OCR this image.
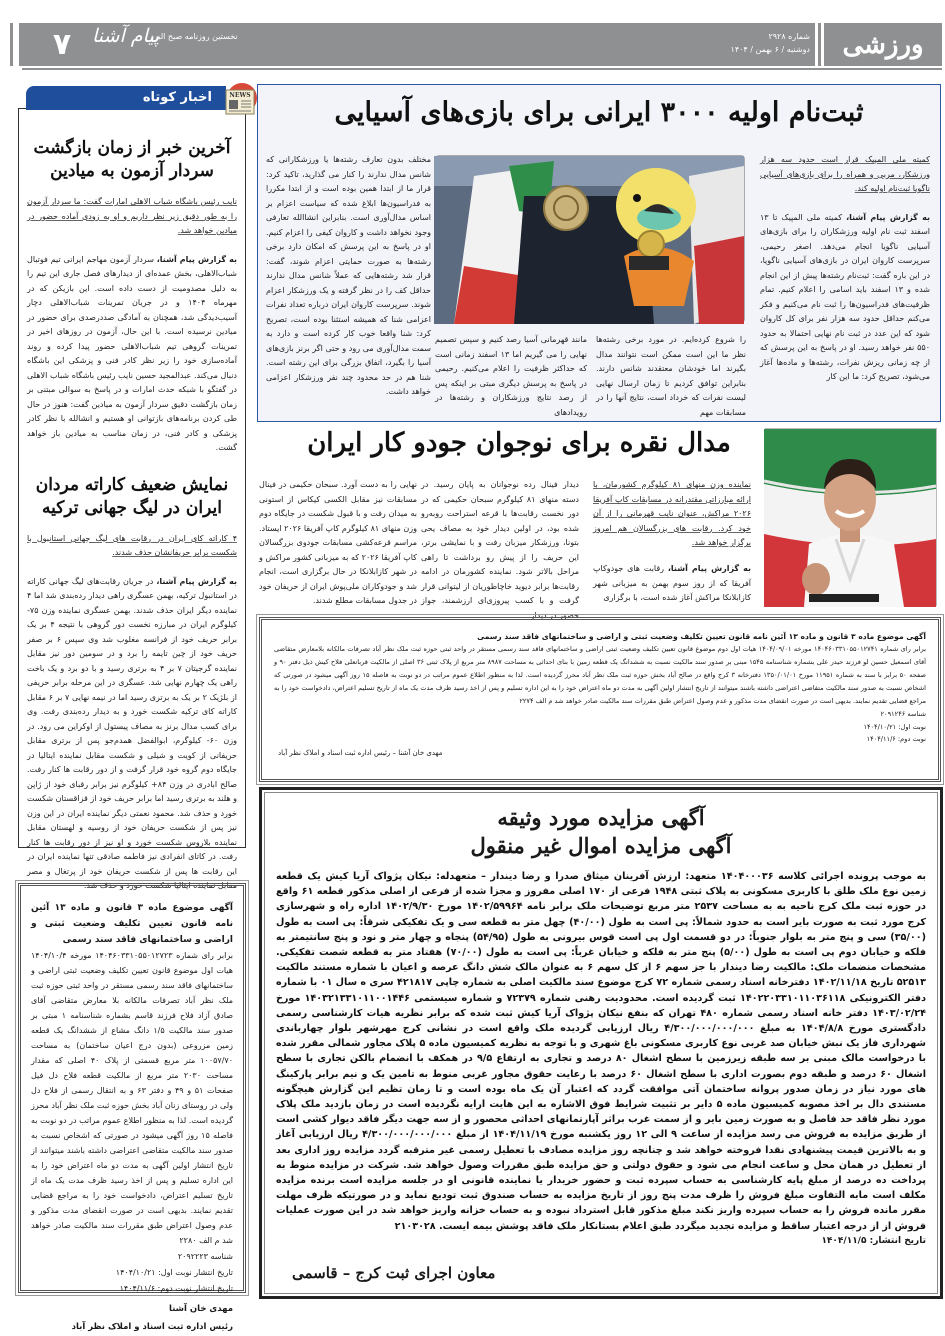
ورزشی
شماره ۲۹۲۸
دوشنبه / ۶ بهمن / ۱۴۰۴
نخستین روزنامه صبح البرز
پیام آشنا
۷
آخرین خبر از زمان بازگشت سردار آزمون به میادین
نایب رئیس باشگاه شباب الاهلی امارات گفت: ما سردار آزمون را به طور دقیق زیر نظر داریم و او به زودی آماده حضور در میادین خواهد شد.
به گزارش پیام آشنا، سردار آزمون مهاجم ایرانی تیم فوتبال شباب‌الاهلی، بخش عمده‌ای از دیدارهای فصل جاری این تیم را به دلیل مصدومیت از دست داده است. این بازیکن که در مهرماه ۱۴۰۴ و در جریان تمرینات شباب‌الاهلی دچار آسیب‌دیدگی شد، همچنان به آمادگی صددرصدی برای حضور در میادین نرسیده است. با این حال، آزمون در روزهای اخیر در تمرینات گروهی تیم شباب‌الاهلی حضور پیدا کرده و روند آماده‌سازی خود را زیر نظر کادر فنی و پزشکی این باشگاه دنبال می‌کند. عبدالمجید حسین نایب رئیس باشگاه شباب الاهلی در گفتگو با شبکه حدث امارات و در پاسخ به سوالی مبتنی بر زمان بازگشت دقیق سردار آزمون به میادین گفت: هنوز در حال طی کردن برنامه‌های بازتوانی او هستیم و انشالله با نظر کادر پزشکی و کادر فنی، در زمان مناسب به میادین باز خواهد گشت.
نمایش ضعیف کاراته مردان ایران در لیگ جهانی ترکیه
۴ کاراته کای ایران در رقابت های لیگ جهانی استانبول با شکست برابر حریفانشان حذف شدند.
به گزارش پیام آشنا، در جریان رقابت‌های لیگ جهانی کاراته در استانبول ترکیه، بهمن عسگری راهی دیدار رده‌بندی شد اما ۴ نماینده دیگر ایران حذف شدند. بهمن عسگری نماینده وزن ۷۵- کیلوگرم ایران در مبارزه نخست دور گروهی با نتیجه ۴ بر یک برابر حریف خود از فرانسه مغلوب شد وی سپس ۶ بر صفر حریف خود از چین تایمه را برد و در سومین دور نیز مقابل نماینده گرجیتان ۷ بر ۴ به برتری رسید و با دو برد و یک باخت راهی یک چهارم نهایی شد. عسگری در این مرحله برابر حریفی از بلژیک ۲ بر یک به برتری رسید اما در نیمه نهایی ۷ بر ۶ مقابل کاراته کای ترکیه شکست خورد و به دیدار رده‌بندی رفت. وی برای کسب مدال برنز به مصاف پیستول از اوکراین می رود. در وزن ۶۰- کیلوگرم، ابوالفضل همدم‌جو پس از برتری مقابل حریفانی از کویت و شیلی و شکست مقابل نماینده ایتالیا در جایگاه دوم گروه خود قرار گرفت و از دور رقابت ها کنار رفت. صالح ابادری در وزن ۸۴+ کیلوگرم نیز برابر رقبای خود از ژاپن و هلند به برتری رسید اما برابر حریف خود از قزاقستان شکست خورد و حذف شد. محمود نعمتی دیگر نماینده ایران در این وزن نیز پس از شکست حریفان خود از روسیه و لهستان مقابل نماینده بلاروس شکست خورد و او نیز از دور رقابت ها کنار رفت. در کاتای انفرادی نیز فاطمه صادقی تنها نماینده ایران در این رقابت ها پس از شکست حریفان خود از پرتغال و مصر مقابل نماینده ایتالیا شکست خورد و حذف شد.
اخبار کوتاه	NEWS
آگهی موضوع ماده ۳ قانون و ماده ۱۳ آئین نامه قانون تعیین تکلیف وضعیت ثبتی و اراضی و ساختمانهای فاقد سند رسمی
برابر رای شماره ۱۴۰۴۶۰۳۳۱۰۵۵۰۱۲۷۲۳ مورخه ۱۴۰۴/۱۰/۴ هیات اول موضوع قانون تعیین تکلیف وضعیت ثبتی اراضی و ساختمانهای فاقد سند رسمی مستقر در واحد ثبتی حوزه ثبت ملک نظر آباد تصرفات مالکانه بلا معارض متقاضی آقای صادق آزاد فلاح فرزند قاسم بشماره شناسنامه ۱ مبتی بر صدور سند مالکیت ۱/۵ دانگ مشاع از ششدانگ یک قطعه زمین مزروعی (بدون درج اعیان ساختمان) به مساحت ۱۰۰۵۷/۷۰ متر مربع قسمتی از پلاک ۴۰ اصلی که مقدار مساحت ۲۰۳۰ متر مربع از مالکیت قطعه فلاح دل فیل صفحات ۵۱ و ۴۹ و دفتر ۶۳ و به انتقال رسمی از فلاح دل ولی در روستای زنان آباد بخش حوزه ثبت ملک نظر آباد محرز گردیده است. لذا به منظور اطلاع عموم مراتب در دو نوبت به فاصله ۱۵ روز آگهی میشود در صورتی که اشخاص نسبت به صدور سند مالکیت متقاضی اعتراضی داشته باشند میتوانند از تاریخ انتشار اولین آگهی به مدت دو ماه اعتراض خود را به این اداره تسلیم و پس از اخذ رسید ظرف مدت یک ماه از تاریخ تسلیم اعتراض، دادخواست خود را به مراجع قضایی تقدیم نمایند. بدیهی است در صورت انقضای مدت مذکور و عدم وصول اعتراض طبق مقررات سند مالکیت صادر خواهد شد م الف ۲۲۸۰
شناسه ۲۰۹۲۲۲۳
تاریخ انتشار نوبت اول: ۱۴۰۴/۱۰/۲۱
تاریخ انتشار نوبت دوم: ۱۴۰۴/۱۱/۶
مهدی خان آشنا
رئیس اداره ثبت اسناد و املاک نظر آباد
ثبت‌نام اولیه ۳۰۰۰ ایرانی برای بازی‌های آسیایی
کمیته ملی المپیک قرار است حدود سه هزار ورزشکار، مربی و همراه را برای بازی‌های آسیایی ناگویا ثبت‌نام اولیه کند.
به گزارش پیام آشنا، کمیته ملی المپیک تا ۱۳ اسفند ثبت نام اولیه ورزشکاران را برای بازی‌های آسیایی ناگویا انجام می‌دهد. اصغر رحیمی، سرپرست کاروان ایران در بازی‌های آسیایی ناگویا، در این باره گفت: ثبت‌نام رشته‌ها پیش از این انجام شده و ۱۳ اسفند باید اسامی را اعلام کنیم. تمام ظرفیت‌های فدراسیون‌ها را ثبت نام می‌کنیم و فکر می‌کنم حداقل حدود سه هزار نفر برای کل کاروان شود که این عدد در ثبت نام نهایی احتمالا به حدود ۵۵۰ نفر خواهد رسید. او در پاسخ به این پرسش که از چه زمانی ریزش نفرات، رشته‌ها و ماده‌ها آغاز می‌شود، تصریح کرد: ما این کار
را شروع کرده‌ایم. در مورد برخی رشته‌ها نظر ما این است ممکن است نتوانند مدال بگیرند اما خودشان معتقدند شانس دارند. بنابراین توافق کردیم تا زمان ارسال نهایی لیست نفرات که خرداد است، نتایج آنها را در مسابقات مهم
مانند قهرمانی آسیا رصد کنیم و سپس تصمیم نهایی را می گیریم اما ۱۳ اسفند زمانی است که حداکثر ظرفیت را اعلام می‌کنیم. رحیمی در پاسخ به پرسش دیگری مبتی بر اینکه پس از رصد نتایج ورزشکاران و رشته‌ها در رویدادهای
مختلف بدون تعارف رشته‌ها یا ورزشکارانی که شانس مدال ندارند را کنار می گذارید، تاکید کرد: قرار ما از ابتدا همین بوده است و از ابتدا مکررا به فدراسیون‌ها ابلاغ شده که سیاست اعزام بر اساس مدال‌آوری است. بنابراین انشاالله تعارفی وجود نخواهد داشت و کاروان کیفی را اعزام کنیم. او در پاسخ به این پرسش که امکان دارد برخی رشته‌ها به صورت حمایتی اعزام شوند، گفت: قرار شد رشته‌هایی که عملاً شانس مدال ندارند حداقل کف را در نظر گرفته و یک ورزشکار اعزام شوند. سرپرست کاروان ایران درباره تعداد نفرات اعزامی شنا که همیشه استثنا بوده است، تصریح کرد: شنا واقعا خوب کار کرده است و دارد به سمت مدال‌آوری می رود و حتی اگر برنز بازی‌های آسیا را بگیرد، اتفاق بزرگی برای این رشته است. شنا هم در حد محدود چند نفر ورزشکار اعزامی خواهد داشت.
مدال نقره برای نوجوان جودو کار ایران
نماینده وزن منهای ۸۱ کیلوگرم کشورمان، با ارائه مبارزاتی مقتدرانه در مسابقات کاپ آفریقا ۲۰۲۶ مراکش، عنوان نایب قهرمانی را از آن خود کرد. رقابت های بزرگسالان هم امروز برگزار خواهد شد.
به گزارش پیام آشنا، رقابت های جودوکاپ آفریقا که از روز سوم بهمن به میزبانی شهر کازابلانکا مراکش آغاز شده است، با برگزاری
دیدار فینال رده نوجوانان به پایان رسید. در دسته منهای ۸۱ کیلوگرم سبحان حکیمی که در دور نخست رقابت‌ها با قرعه استراحت روبه‌رو شده بود، در اولین دیدار خود به مصاف یحی بتونا، ورزشکار میزبان رفت و با نمایشی برتر، این حریف را از پیش رو برداشت تا راهی مراحل بالاتر شود. نماینده کشورمان در ادامه رقابت‌ها برابر دیوید خاچاطوریان از لیتوانی قرار گرفت و با کسب پیروزی‌ای ارزشمند، جواز حضور در دیدار
نهایی را به دست آورد. سبحان حکیمی در فینال مسابقات نیز مقابل الکسی کیکاس از استونی به میدان رفت و با قبول شکست در جایگاه دوم وزن منهای ۸۱ کیلوگرم کاپ آفریقا ۲۰۲۶ ایستاد. مراسم قرعه‌کشی مسابقات جودوی بزرگسالان کاپ آفریقا ۲۰۲۶ که به میزبانی کشور مراکش و در شهر کازابلانکا در حال برگزاری است، انجام شد و جودوکاران ملی‌پوش ایران از حریفان خود در جدول مسابقات مطلع شدند.
آگهی موضوع ماده ۳ قانون و ماده ۱۳ آئین نامه قانون تعیین تکلیف وضعیت ثبتی و اراضی و ساختمانهای فاقد سند رسمی
برابر رای شماره ۱۴۰۴۶۰۳۳۱۰۵۵۰۱۲۷۴۱ مورخه ۱۴۰۴/۰۹/۰۱ هیات اول دوم موضوع قانون تعیین تکلیف وضعیت ثبتی اراضی و ساختمانهای فاقد سند رسمی مستقر در واحد ثبتی حوزه ثبت ملک نظر آباد تصرفات مالکانه بلامعارض متقاضی آقای اسمعیل حسین لو فرزند حیدر علی بشماره شناسنامه ۱۵۴۵ مبنی بر صدور سند مالکیت نسبت به ششدانگ یک قطعه زمین با بنای احداثی به مساحت ۸۹۸۷ متر مربع از پلاک ثبتی ۳۶ اصلی از مالکیت قربانعلی فلاح کیش ذیل دفتر ۹۰ و صفحه ۵۰ برابر با سند به شماره ۱۱۹۵۱ مورخ ۱۳۵۰/۰۱/۰۱ دفترخانه ۳ کرج واقع در صالح آباد بخش حوزه ثبت ملک نظر آباد محرز گردیده است. لذا به منظور اطلاع عموم مراتب در دو نوبت به فاصله ۱۵ روز آگهی میشود در صورتی که اشخاص نسبت به صدور سند مالکیت متقاضی اعتراضی داشته باشند میتوانند از تاریخ انتشار اولین آگهی به مدت دو ماه اعتراض خود را به این اداره تسلیم و پس از اخذ رسید ظرف مدت یک ماه از تاریخ تسلیم اعتراض، دادخواست خود را به مراجع قضایی تقدیم نمایند. بدیهی است در صورت انقضای مدت مذکور و عدم وصول اعتراض طبق مقررات سند مالکیت صادر خواهد شد م الف ۲۲۷۴
شناسه ۲۰۹۱۲۴۶
نوبت اول: ۱۴۰۴/۱۰/۲۱
نوبت دوم: ۱۴۰۴/۱۱/۶
مهدی خان آشنا – رئیس اداره ثبت اسناد و املاک نظر آباد
آگهی مزایده مورد وثیقه
آگهی مزایده اموال غیر منقول
به موجب پرونده اجرائی کلاسه ۱۴۰۴۰۰۰۳۶ متعهد: ارزش آفرینان میثاق صدرا و رضا دیندار – متعهدله: نیکان پژواک آریا کیش یک قطعه زمین نوع ملک طلق با کاربری مسکونی به پلاک ثبتی ۱۹۴۸ فرعی از ۱۷۰ اصلی مفروز و مجزا شده از فرعی از اصلی مذکور قطعه ۶۱ واقع در حوزه ثبت ملک کرج ناحیه به به مساحت ۲۵۳۷ متر مربع توضیحات ملک برابر نامه ۱۴۰۲/۵۹۹۶۴ مورخ ۱۴۰۲/۹/۳۰ اداره راه و شهرسازی کرج مورد ثبت به صورت بایر است به حدود شمالاً: پی است به طول (۴۰/۰۰) چهل متر به قطعه سی و یک تفکیکی شرقاً: پی است به طول (۳۵/۰۰) سی و پنج متر به بلوار جنوباً: در دو قسمت اول پی است قوس بیرونی به طول (۵۴/۹۵) پنجاه و چهار متر و نود و پنج سانتیمتر به فلکه و خیابان دوم پی است به طول (۵/۰۰) پنج متر به فلکه و خیابان غرباً: پی است به طول (۷۰/۰۰) هفتاد متر به قطعه شصت تفکیکی. مشخصات منضمات ملک: مالکیت رضا دیندار با جز سهم ۶ از کل سهم ۶ به عنوان مالک شش دانگ عرصه و اعیان با شماره مستند مالکیت ۵۲۵۱۳ تاریخ ۱۴۰۲/۱۱/۱۸ دفترخانه اسناد رسمی شماره ۷۲ کرج موضوع سند مالکیت اصلی به شماره چاپی ۴۲۱۸۱۷ سری ه سال ۰۱ با شماره دفتر الکترونیکی ۱۴۰۲۲۰۳۳۱۰۱۱۰۳۶۱۱۸ ثبت گردیده است. محدودیت رهنی شماره ۷۲۳۷۹ و شماره سیستمی ۱۴۰۳۲۱۳۳۱۰۱۱۰۰۱۴۴۶ مورخ ۱۴۰۳/۰۲/۲۴ دفتر خانه اسناد رسمی شماره ۴۸۰ تهران که بنفع نیکان پژواک آریا کیش ثبت شده که برابر نظریه هیات کارشناسی رسمی دادگستری مورخ ۱۴۰۴/۸/۸ به مبلغ ۴/۳۰۰/۰۰۰/۰۰۰/۰۰۰ ریال ارزیابی گردیده ملک واقع است در نشانی کرج مهرشهر بلوار چهارباندی شهرداری فاز یک نبش خیابان صد غربی نوع کاربری مسکونی باغ شهری و با توجه به نظریه کمیسیون ماده ۵ پلاک مجاور شمالی مقرر شده با درخواست مالک مبنی بر سه طبقه زیرزمین با سطح اشغال ۸۰ درصد و تجاری به ارتفاع ۹/۵ در همکف با انضمام بالکن تجاری با سطح اشغال ۶۰ درصد و طبقه دوم بصورت اداری با سطح اشغال ۶۰ درصد با رعایت حقوق مجاور غربی منوط به تامین یک و نیم برابر پارکینگ های مورد نیاز در زمان صدور پروانه ساختمان آتی موافقت گردد که اعتبار آن یک ماه بوده است و تا زمان تظیم این گزارش هیچگونه مستندی دال بر اخذ مصوبه کمیسیون ماده ۵ دایر بر تثبیت شرایط فوق الاشاره به این هایت ارایه نگردیده است در زمان بازدید ملک پلاک مورد نظر فاقد حد فاصل و به صورت زمین بایر و از سمت غرب براثر آپارتمانهای احداثی محصور و از سه جهت دیگر فاقد دیوار کشی است از طریق مزایده به فروش می رسد مزایده از ساعت ۹ الی ۱۲ روز یکشنبه مورخ ۱۴۰۴/۱۱/۱۹ از مبلغ ۴/۳۰۰/۰۰۰/۰۰۰/۰۰۰ ریال ارزیابی آغاز و به بالاترین قیمت پیشنهادی نقدا فروخته خواهد شد و چنانچه روز مزایده مصادف با تعطیل رسمی غیر مترقبه گردد مزایده روز اداری بعد از تعطیل در همان محل و ساعت انجام می شود و حقوق دولتی و حق مزایده طبق مقررات وصول خواهد شد. شرکت در مزایده منوط به پرداخت ده درصد از مبلغ پایه کارشناسی به حساب سپرده ثبت و حضور خریدار یا نماینده قانونی او در جلسه مزایده است برنده مزایده مکلف است مابه التفاوت مبلغ فروش را ظرف مدت پنج روز از تاریخ مزایده به حساب صندوق ثبت تودیع نماید و در صورتیکه ظرف مهلت مقرر مانده فروش را به حساب سپرده واریز نکند مبلغ مذکور قابل استرداد نبوده و به حساب خزانه واریز خواهد شد در این صورت عملیات فروش از از درجه اعتبار ساقط و مزایده تجدید میگردد طبق اعلام بستانکار ملک فاقد پوشش بیمه ایست. ۲۱۰۳۰۲۸
تاریخ انتشار: ۱۴۰۴/۱۱/۵
معاون اجرای ثبت کرج – قاسمی
